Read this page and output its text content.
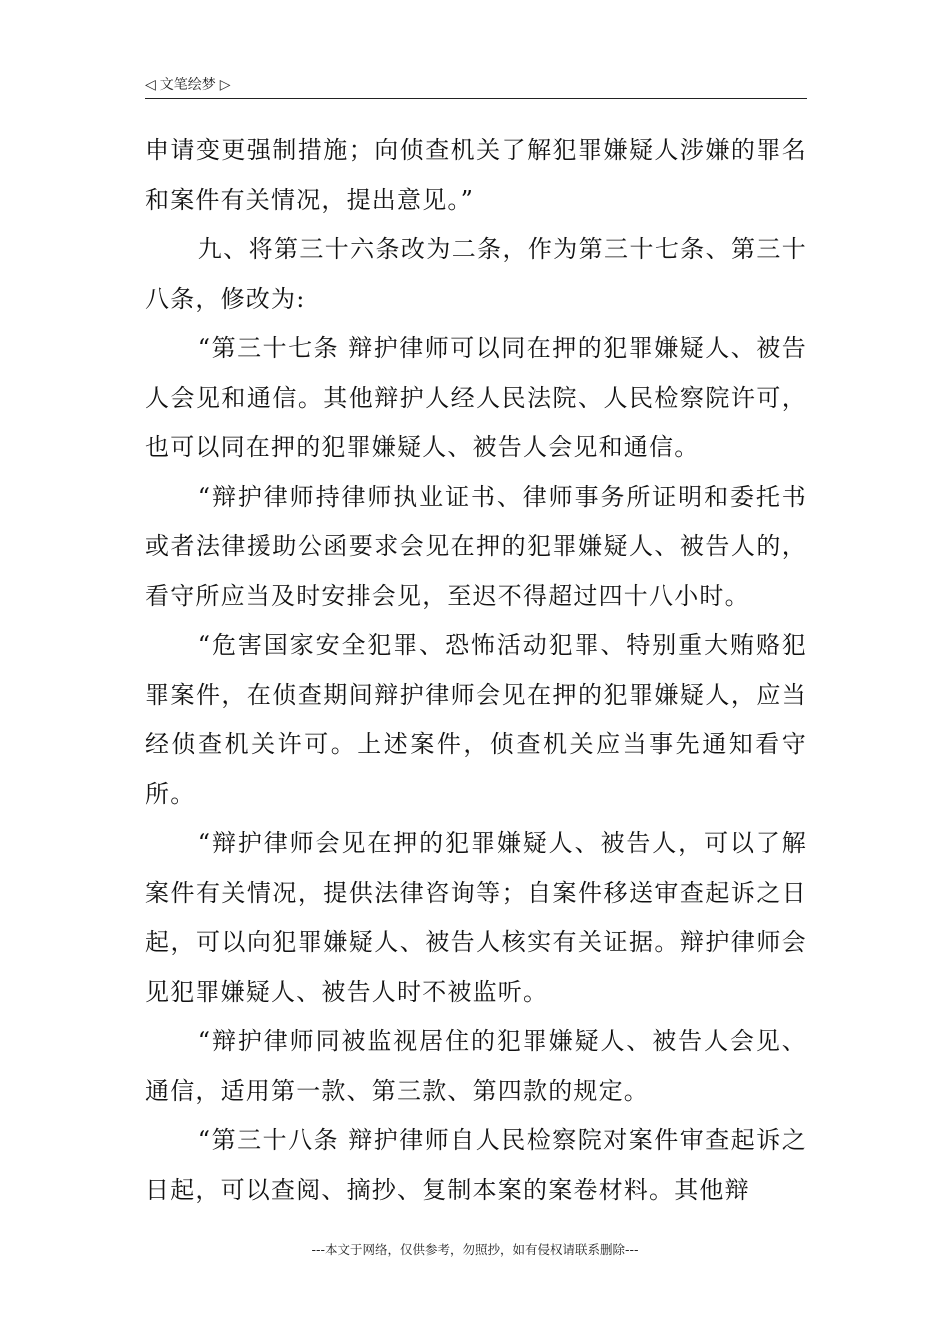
◁ 文笔绘梦 ▷

申请变更强制措施；向侦查机关了解犯罪嫌疑人涉嫌的罪名和案件有关情况，提出意见。”

九、将第三十六条改为二条，作为第三十七条、第三十八条，修改为:

“第三十七条 辩护律师可以同在押的犯罪嫌疑人、被告人会见和通信。其他辩护人经人民法院、人民检察院许可，也可以同在押的犯罪嫌疑人、被告人会见和通信。

“辩护律师持律师执业证书、律师事务所证明和委托书或者法律援助公函要求会见在押的犯罪嫌疑人、被告人的，看守所应当及时安排会见，至迟不得超过四十八小时。

“危害国家安全犯罪、恐怖活动犯罪、特别重大贿赂犯罪案件，在侦查期间辩护律师会见在押的犯罪嫌疑人，应当经侦查机关许可。上述案件，侦查机关应当事先通知看守所。

“辩护律师会见在押的犯罪嫌疑人、被告人，可以了解案件有关情况，提供法律咨询等；自案件移送审查起诉之日起，可以向犯罪嫌疑人、被告人核实有关证据。辩护律师会见犯罪嫌疑人、被告人时不被监听。

“辩护律师同被监视居住的犯罪嫌疑人、被告人会见、通信，适用第一款、第三款、第四款的规定。

“第三十八条 辩护律师自人民检察院对案件审查起诉之日起，可以查阅、摘抄、复制本案的案卷材料。其他辩

---本文于网络，仅供参考，勿照抄，如有侵权请联系删除---
